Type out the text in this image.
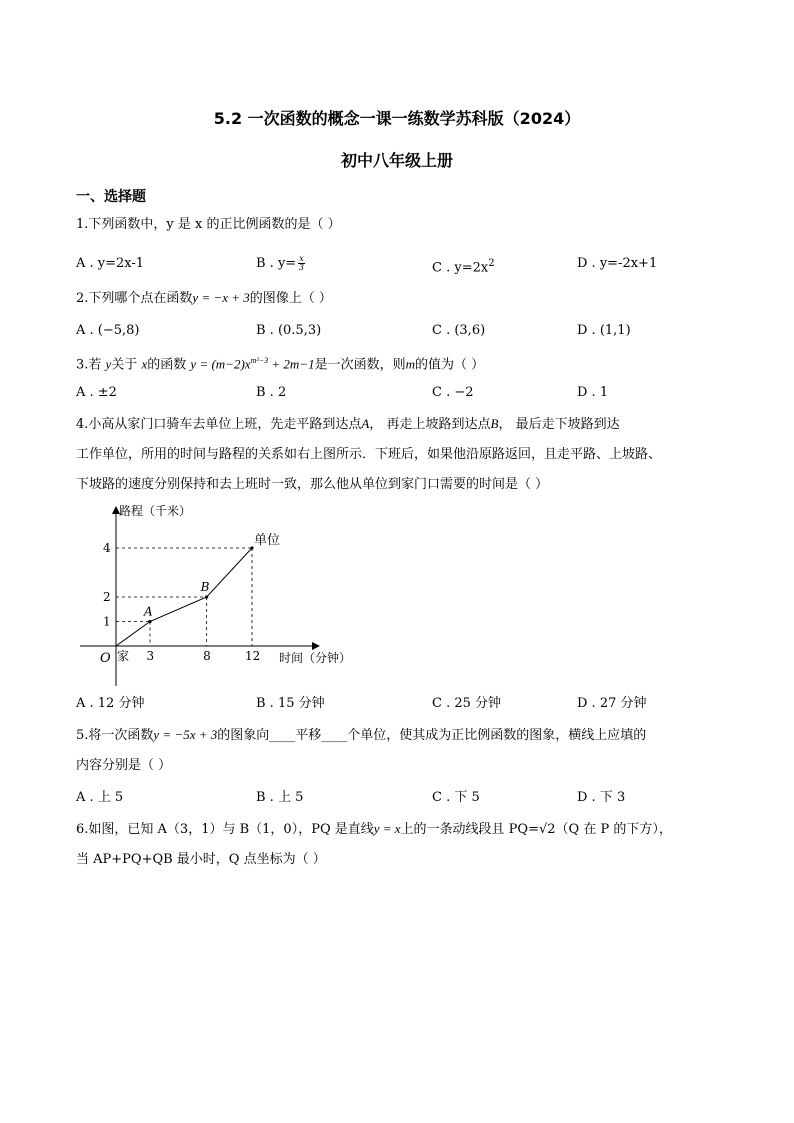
5.2 一次函数的概念一课一练数学苏科版（2024）
初中八年级上册
一、选择题
1.下列函数中，y 是 x 的正比例函数的是（ ）
A . y=2x-1	B . $y= \frac{x}{3}$	C . $y=2x^2$	D . y=-2x+1
2.下列哪个点在函数y = −x + 3的图像上（ ）
A . (−5,8)	B . (0.5,3)	C . (3,6)	D . (1,1)
3.若 y关于 x的函数 $y = (m-2)x^{m^2-3} + 2m-1$是一次函数，则m的值为（ ）
A . ±2	B . 2	C . −2	D . 1
4.小高从家门口骑车去单位上班，先走平路到达点A， 再走上坡路到达点B， 最后走下坡路到达
工作单位，所用的时间与路程的关系如右上图所示．下班后，如果他沿原路返回，且走平路、上坡路、
下坡路的速度分别保持和去上班时一致，那么他从单位到家门口需要的时间是（ ）
A
B
单位
3	8	12
1
2
4
路程（千米）
时间（分钟）
O 家
A . 12 分钟	B . 15 分钟	C . 25 分钟	D . 27 分钟
5.将一次函数y = −5x + 3的图象向____平移____个单位，使其成为正比例函数的图象，横线上应填的
内容分别是（ ）
A . 上 5	B . 上 5	C . 下 5	D . 下 3
6.如图，已知 A（3，1）与 B（1，0），PQ 是直线y = x上的一条动线段且 PQ=√2（Q 在 P 的下方），
当 AP+PQ+QB 最小时，Q 点坐标为（ ）
